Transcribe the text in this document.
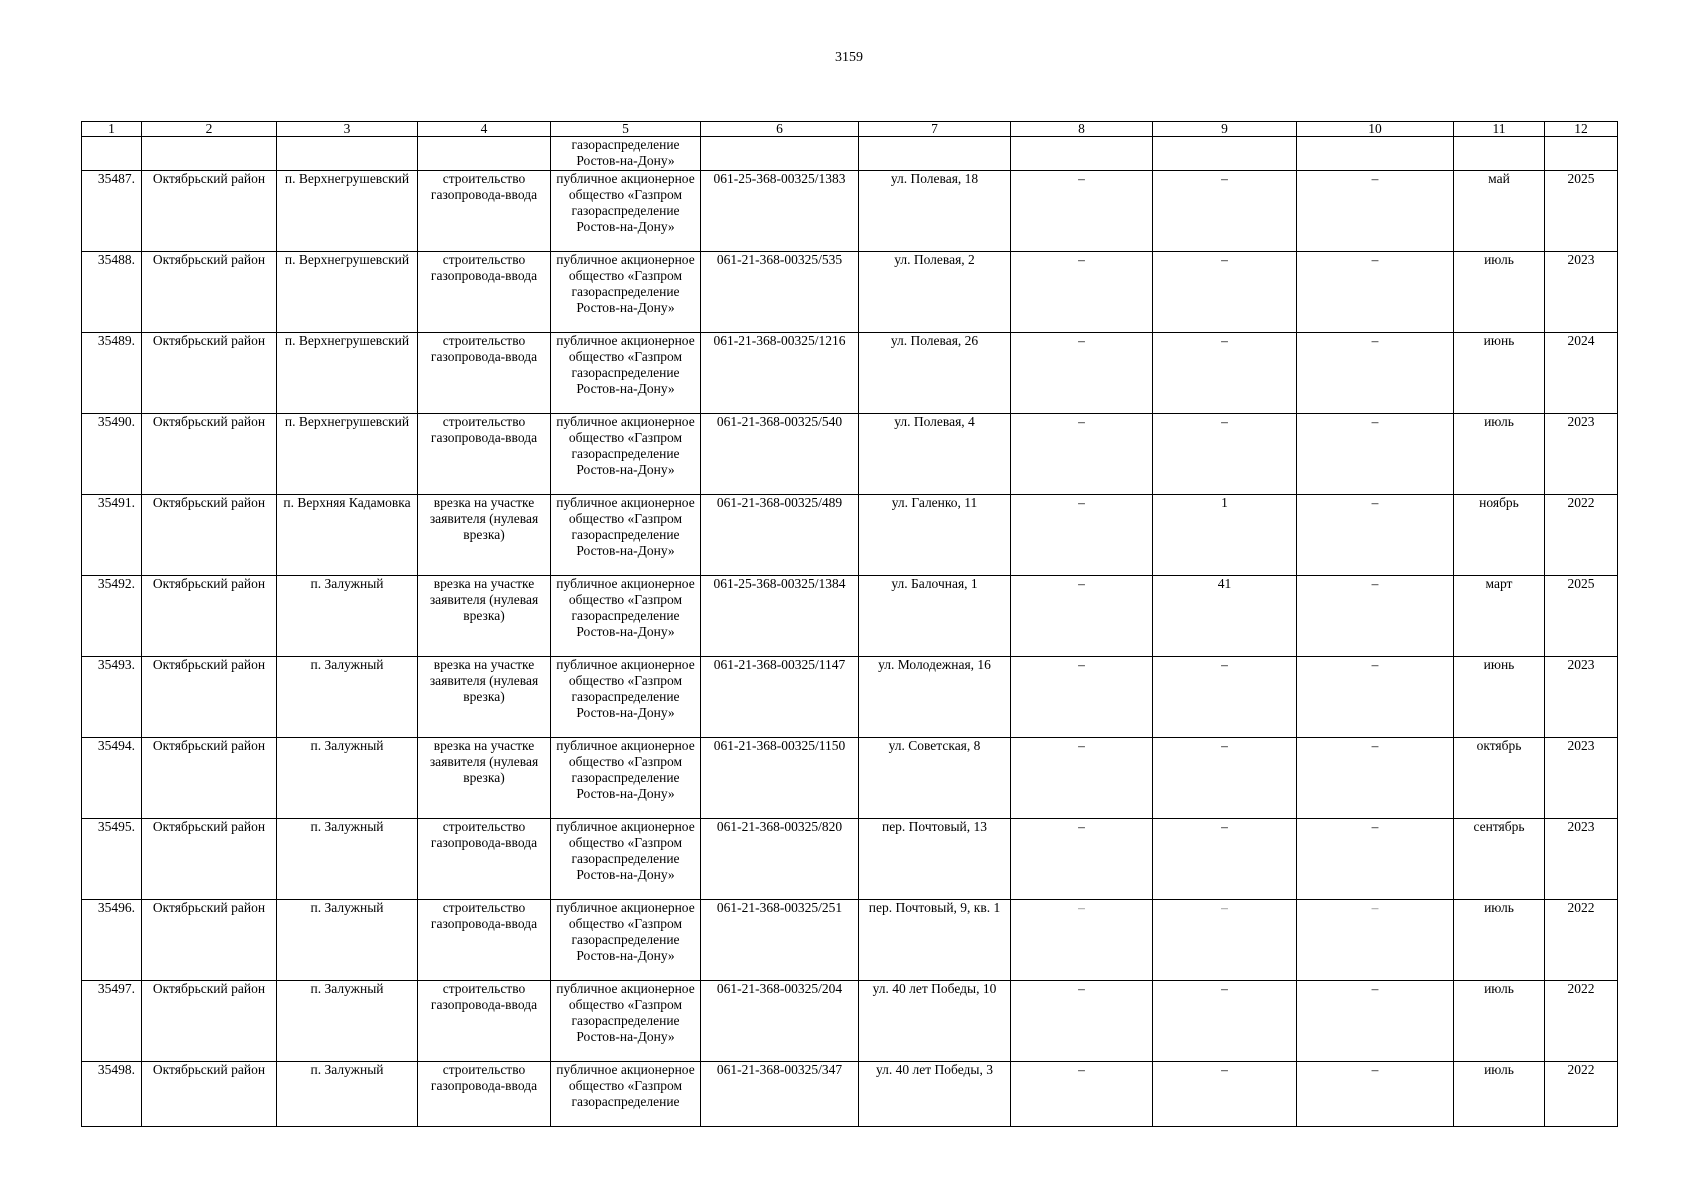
3159
1	2	3	4	5	6	7	8	9	10	11	12
				газораспределение Ростов-на-Дону»							
35487.	Октябрьский район	п. Верхнегрушевский	строительство газопровода-ввода	публичное акционерное общество «Газпром газораспределение Ростов-на-Дону»	061-25-368-00325/1383	ул. Полевая, 18	–	–	–	май	2025
35488.	Октябрьский район	п. Верхнегрушевский	строительство газопровода-ввода	публичное акционерное общество «Газпром газораспределение Ростов-на-Дону»	061-21-368-00325/535	ул. Полевая, 2	–	–	–	июль	2023
35489.	Октябрьский район	п. Верхнегрушевский	строительство газопровода-ввода	публичное акционерное общество «Газпром газораспределение Ростов-на-Дону»	061-21-368-00325/1216	ул. Полевая, 26	–	–	–	июнь	2024
35490.	Октябрьский район	п. Верхнегрушевский	строительство газопровода-ввода	публичное акционерное общество «Газпром газораспределение Ростов-на-Дону»	061-21-368-00325/540	ул. Полевая, 4	–	–	–	июль	2023
35491.	Октябрьский район	п. Верхняя Кадамовка	врезка на участке заявителя (нулевая врезка)	публичное акционерное общество «Газпром газораспределение Ростов-на-Дону»	061-21-368-00325/489	ул. Галенко, 11	–	1	–	ноябрь	2022
35492.	Октябрьский район	п. Залужный	врезка на участке заявителя (нулевая врезка)	публичное акционерное общество «Газпром газораспределение Ростов-на-Дону»	061-25-368-00325/1384	ул. Балочная, 1	–	41	–	март	2025
35493.	Октябрьский район	п. Залужный	врезка на участке заявителя (нулевая врезка)	публичное акционерное общество «Газпром газораспределение Ростов-на-Дону»	061-21-368-00325/1147	ул. Молодежная, 16	–	–	–	июнь	2023
35494.	Октябрьский район	п. Залужный	врезка на участке заявителя (нулевая врезка)	публичное акционерное общество «Газпром газораспределение Ростов-на-Дону»	061-21-368-00325/1150	ул. Советская, 8	–	–	–	октябрь	2023
35495.	Октябрьский район	п. Залужный	строительство газопровода-ввода	публичное акционерное общество «Газпром газораспределение Ростов-на-Дону»	061-21-368-00325/820	пер. Почтовый, 13	–	–	–	сентябрь	2023
35496.	Октябрьский район	п. Залужный	строительство газопровода-ввода	публичное акционерное общество «Газпром газораспределение Ростов-на-Дону»	061-21-368-00325/251	пер. Почтовый, 9, кв. 1	–	–	–	июль	2022
35497.	Октябрьский район	п. Залужный	строительство газопровода-ввода	публичное акционерное общество «Газпром газораспределение Ростов-на-Дону»	061-21-368-00325/204	ул. 40 лет Победы, 10	–	–	–	июль	2022
35498.	Октябрьский район	п. Залужный	строительство газопровода-ввода	публичное акционерное общество «Газпром газораспределение	061-21-368-00325/347	ул. 40 лет Победы, 3	–	–	–	июль	2022
